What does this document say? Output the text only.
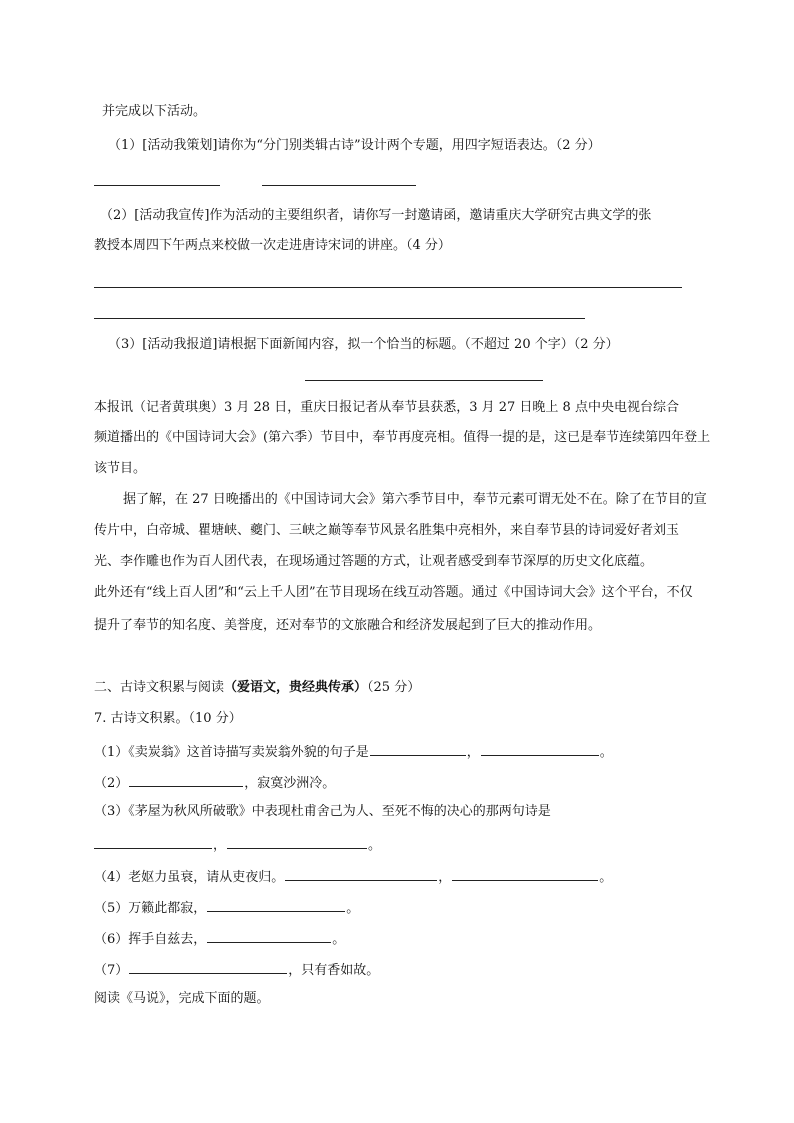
并完成以下活动。
（1）[活动我策划]请你为“分门别类辑古诗”设计两个专题，用四字短语表达。（2 分）
（2）[活动我宣传]作为活动的主要组织者，请你写一封邀请函，邀请重庆大学研究古典文学的张
教授本周四下午两点来校做一次走进唐诗宋词的讲座。（4 分）
（3）[活动我报道]请根据下面新闻内容，拟一个恰当的标题。（不超过 20 个字）（2 分）
本报讯（记者黄琪奥）3 月 28 日，重庆日报记者从奉节县获悉，3 月 27 日晚上 8 点中央电视台综合
频道播出的《中国诗词大会》(第六季）节目中，奉节再度亮相。值得一提的是，这已是奉节连续第四年登上
该节目。
据了解，在 27 日晚播出的《中国诗词大会》第六季节目中，奉节元素可谓无处不在。除了在节目的宣
传片中，白帝城、瞿塘峡、夔门、三峡之巅等奉节风景名胜集中亮相外，来自奉节县的诗词爱好者刘玉
光、李作雕也作为百人团代表，在现场通过答题的方式，让观者感受到奉节深厚的历史文化底蕴。
此外还有“线上百人团”和“云上千人团”在节目现场在线互动答题。通过《中国诗词大会》这个平台，不仅
提升了奉节的知名度、美誉度，还对奉节的文旅融合和经济发展起到了巨大的推动作用。
二、古诗文积累与阅读（爱语文，贵经典传承）（25 分）
7. 古诗文积累。（10 分）
（1）《卖炭翁》这首诗描写卖炭翁外貌的句子是	，	。
（2）	，寂寞沙洲冷。
（3）《茅屋为秋风所破歌》中表现杜甫舍己为人、至死不悔的决心的那两句诗是
，	。
（4）老妪力虽衰，请从吏夜归。	，	。
（5）万籁此都寂，	。
（6）挥手自兹去，	。
（7）	，只有香如故。
阅读《马说》，完成下面的题。
